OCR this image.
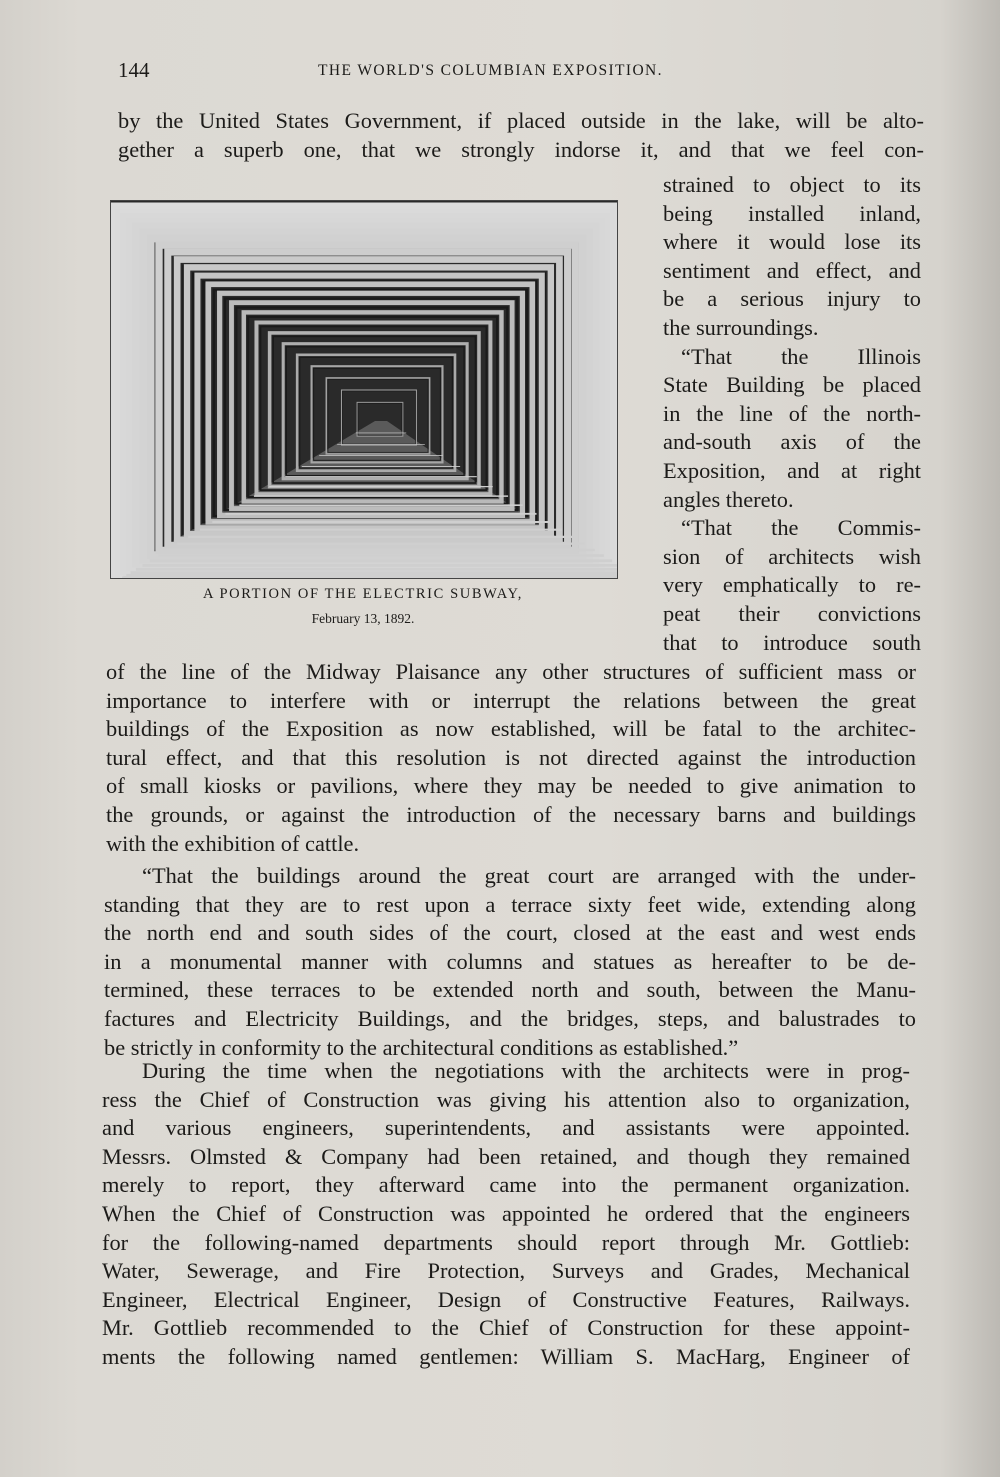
144	THE WORLD'S COLUMBIAN EXPOSITION.
by the United States Government, if placed outside in the lake, will be alto-
gether a superb one, that we strongly indorse it, and that we feel con-
strained to object to its
being installed inland,
where it would lose its
sentiment and effect, and
be a serious injury to
the surroundings.
“That the Illinois
State Building be placed
in the line of the north-
and-south axis of the
Exposition, and at right
angles thereto.
“That the Commis-
sion of architects wish
very emphatically to re-
peat their convictions
that to introduce south
A PORTION OF THE ELECTRIC SUBWAY,
February 13, 1892.
of the line of the Midway Plaisance any other structures of sufficient mass or
importance to interfere with or interrupt the relations between the great
buildings of the Exposition as now established, will be fatal to the architec-
tural effect, and that this resolution is not directed against the introduction
of small kiosks or pavilions, where they may be needed to give animation to
the grounds, or against the introduction of the necessary barns and buildings
with the exhibition of cattle.
“That the buildings around the great court are arranged with the under-
standing that they are to rest upon a terrace sixty feet wide, extending along
the north end and south sides of the court, closed at the east and west ends
in a monumental manner with columns and statues as hereafter to be de-
termined, these terraces to be extended north and south, between the Manu-
factures and Electricity Buildings, and the bridges, steps, and balustrades to
be strictly in conformity to the architectural conditions as established.”
During the time when the negotiations with the architects were in prog-
ress the Chief of Construction was giving his attention also to organization,
and various engineers, superintendents, and assistants were appointed.
Messrs. Olmsted & Company had been retained, and though they remained
merely to report, they afterward came into the permanent organization.
When the Chief of Construction was appointed he ordered that the engineers
for the following-named departments should report through Mr. Gottlieb:
Water, Sewerage, and Fire Protection, Surveys and Grades, Mechanical
Engineer, Electrical Engineer, Design of Constructive Features, Railways.
Mr. Gottlieb recommended to the Chief of Construction for these appoint-
ments the following named gentlemen: William S. MacHarg, Engineer of
